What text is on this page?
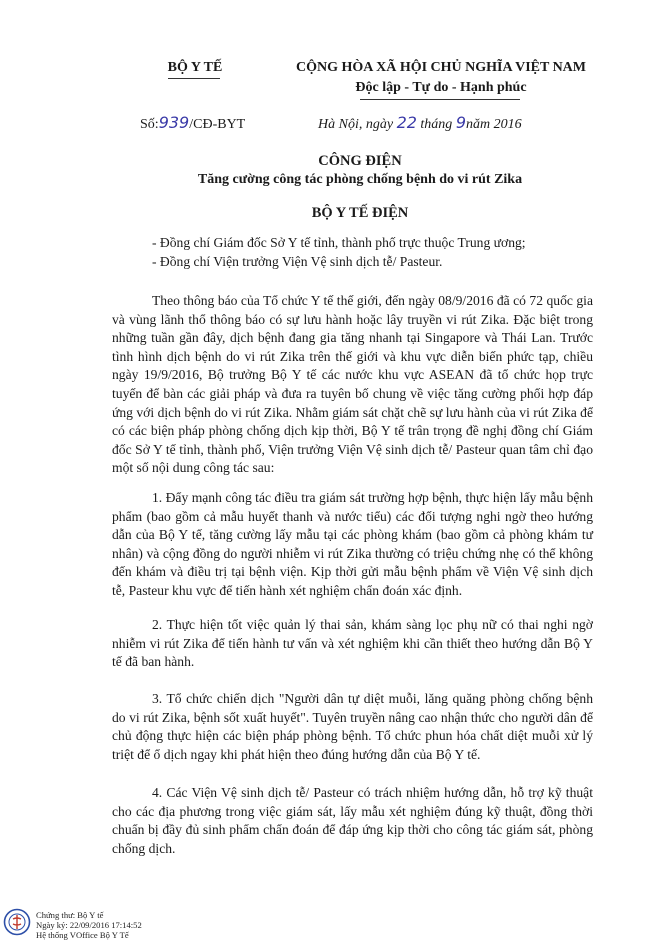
BỘ Y TẾ	CỘNG HÒA XÃ HỘI CHỦ NGHĨA VIỆT NAM
Độc lập - Tự do - Hạnh phúc
Số:939/CĐ-BYT	Hà Nội, ngày 22 tháng 9năm 2016
CÔNG ĐIỆN
Tăng cường công tác phòng chống bệnh do vi rút Zika
BỘ Y TẾ ĐIỆN
- Đồng chí Giám đốc Sở Y tế tỉnh, thành phố trực thuộc Trung ương;
- Đồng chí Viện trưởng Viện Vệ sinh dịch tễ/ Pasteur.
Theo thông báo của Tổ chức Y tế thế giới, đến ngày 08/9/2016 đã có 72 quốc gia và vùng lãnh thổ thông báo có sự lưu hành hoặc lây truyền vi rút Zika. Đặc biệt trong những tuần gần đây, dịch bệnh đang gia tăng nhanh tại Singapore và Thái Lan. Trước tình hình dịch bệnh do vi rút Zika trên thế giới và khu vực diễn biến phức tạp, chiều ngày 19/9/2016, Bộ trưởng Bộ Y tế các nước khu vực ASEAN đã tổ chức họp trực tuyến để bàn các giải pháp và đưa ra tuyên bố chung về việc tăng cường phối hợp đáp ứng với dịch bệnh do vi rút Zika. Nhằm giám sát chặt chẽ sự lưu hành của vi rút Zika để có các biện pháp phòng chống dịch kịp thời, Bộ Y tế trân trọng đề nghị đồng chí Giám đốc Sở Y tế tỉnh, thành phố, Viện trưởng Viện Vệ sinh dịch tễ/ Pasteur quan tâm chỉ đạo một số nội dung công tác sau:
1. Đẩy mạnh công tác điều tra giám sát trường hợp bệnh, thực hiện lấy mẫu bệnh phẩm (bao gồm cả mẫu huyết thanh và nước tiểu) các đối tượng nghi ngờ theo hướng dẫn của Bộ Y tế, tăng cường lấy mẫu tại các phòng khám (bao gồm cả phòng khám tư nhân) và cộng đồng do người nhiễm vi rút Zika thường có triệu chứng nhẹ có thể không đến khám và điều trị tại bệnh viện. Kịp thời gửi mẫu bệnh phẩm về Viện Vệ sinh dịch tễ, Pasteur khu vực để tiến hành xét nghiệm chẩn đoán xác định.
2. Thực hiện tốt việc quản lý thai sản, khám sàng lọc phụ nữ có thai nghi ngờ nhiễm vi rút Zika để tiến hành tư vấn và xét nghiệm khi cần thiết theo hướng dẫn Bộ Y tế đã ban hành.
3. Tổ chức chiến dịch "Người dân tự diệt muỗi, lăng quăng phòng chống bệnh do vi rút Zika, bệnh sốt xuất huyết". Tuyên truyền nâng cao nhận thức cho người dân để chủ động thực hiện các biện pháp phòng bệnh. Tổ chức phun hóa chất diệt muỗi xử lý triệt để ổ dịch ngay khi phát hiện theo đúng hướng dẫn của Bộ Y tế.
4. Các Viện Vệ sinh dịch tễ/ Pasteur có trách nhiệm hướng dẫn, hỗ trợ kỹ thuật cho các địa phương trong việc giám sát, lấy mẫu xét nghiệm đúng kỹ thuật, đồng thời chuẩn bị đầy đủ sinh phẩm chẩn đoán để đáp ứng kịp thời cho công tác giám sát, phòng chống dịch.
Chứng thư: Bộ Y tế
Ngày ký: 22/09/2016 17:14:52
Hệ thống VOffice Bộ Y Tế
